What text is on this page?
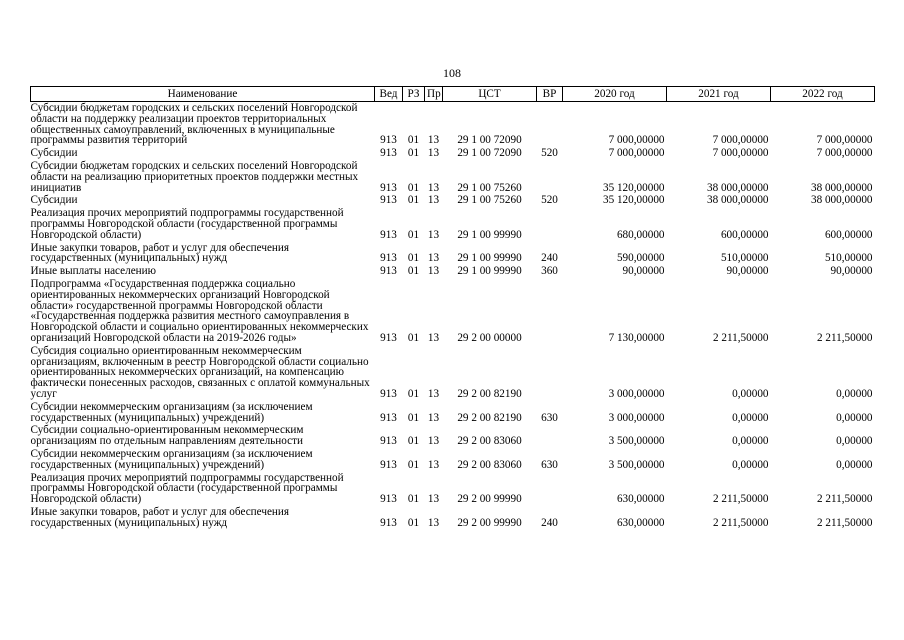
108
Наименование	Вед	РЗ	Пр	ЦСТ	ВР	2020 год	2021 год	2022 год
Субсидии бюджетам городских и сельских поселений Новгородской области на поддержку реализации проектов территориальных общественных самоуправлений, включенных в муниципальные программы развития территорий	913	01	13	29 1 00 72090		7 000,00000	7 000,00000	7 000,00000
Субсидии	913	01	13	29 1 00 72090	520	7 000,00000	7 000,00000	7 000,00000
Субсидии бюджетам городских и сельских поселений Новгородской области на реализацию приоритетных проектов поддержки местных инициатив	913	01	13	29 1 00 75260		35 120,00000	38 000,00000	38 000,00000
Субсидии	913	01	13	29 1 00 75260	520	35 120,00000	38 000,00000	38 000,00000
Реализация прочих мероприятий подпрограммы государственной программы Новгородской области (государственной программы Новгородской области)	913	01	13	29 1 00 99990		680,00000	600,00000	600,00000
Иные закупки товаров, работ и услуг для обеспечения государственных (муниципальных) нужд	913	01	13	29 1 00 99990	240	590,00000	510,00000	510,00000
Иные выплаты населению	913	01	13	29 1 00 99990	360	90,00000	90,00000	90,00000
Подпрограмма «Государственная поддержка социально ориентированных некоммерческих организаций Новгородской области» государственной программы Новгородской области «Государственная поддержка развития местного самоуправления в Новгородской области и социально ориентированных некоммерческих организаций Новгородской области на 2019-2026 годы»	913	01	13	29 2 00 00000		7 130,00000	2 211,50000	2 211,50000
Субсидия социально ориентированным некоммерческим организациям, включенным в реестр Новгородской области социально ориентированных некоммерческих организаций, на компенсацию фактически понесенных расходов, связанных с оплатой коммунальных услуг	913	01	13	29 2 00 82190		3 000,00000	0,00000	0,00000
Субсидии некоммерческим организациям (за исключением государственных (муниципальных) учреждений)	913	01	13	29 2 00 82190	630	3 000,00000	0,00000	0,00000
Субсидии социально-ориентированным некоммерческим организациям по отдельным направлениям деятельности	913	01	13	29 2 00 83060		3 500,00000	0,00000	0,00000
Субсидии некоммерческим организациям (за исключением государственных (муниципальных) учреждений)	913	01	13	29 2 00 83060	630	3 500,00000	0,00000	0,00000
Реализация прочих мероприятий подпрограммы государственной программы Новгородской области (государственной программы Новгородской области)	913	01	13	29 2 00 99990		630,00000	2 211,50000	2 211,50000
Иные закупки товаров, работ и услуг для обеспечения государственных (муниципальных) нужд	913	01	13	29 2 00 99990	240	630,00000	2 211,50000	2 211,50000
